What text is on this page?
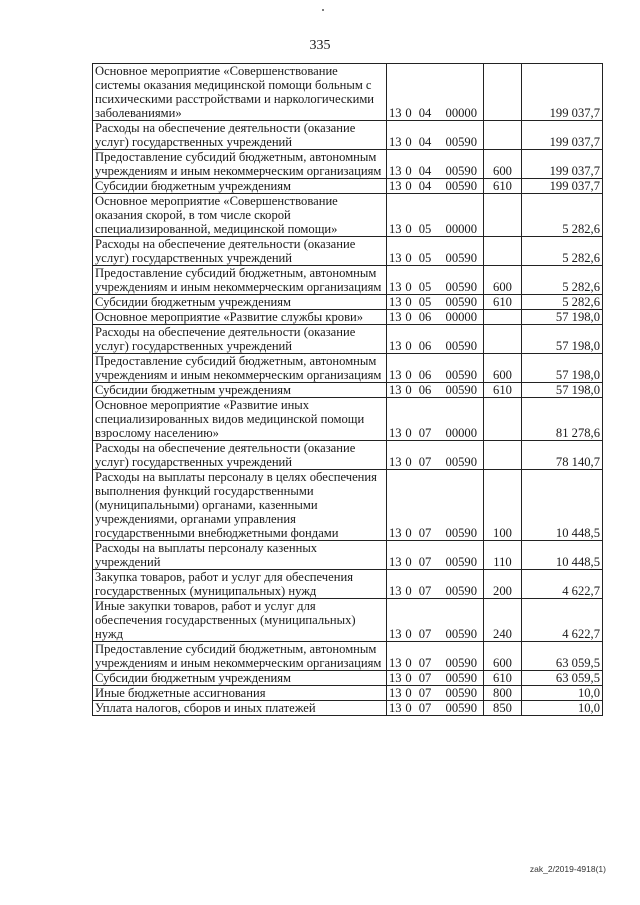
335
Основное мероприятие «Совершенствование системы оказания медицинской помощи больным с психическими расстройствами и наркологическими заболеваниями»	13 0 04 00000		199 037,7
Расходы на обеспечение деятельности (оказание услуг) государственных учреждений	13 0 04 00590		199 037,7
Предоставление субсидий бюджетным, автономным учреждениям и иным некоммерческим организациям	13 0 04 00590	600	199 037,7
Субсидии бюджетным учреждениям	13 0 04 00590	610	199 037,7
Основное мероприятие «Совершенствование оказания скорой, в том числе скорой специализированной, медицинской помощи»	13 0 05 00000		5 282,6
Расходы на обеспечение деятельности (оказание услуг) государственных учреждений	13 0 05 00590		5 282,6
Предоставление субсидий бюджетным, автономным учреждениям и иным некоммерческим организациям	13 0 05 00590	600	5 282,6
Субсидии бюджетным учреждениям	13 0 05 00590	610	5 282,6
Основное мероприятие «Развитие службы крови»	13 0 06 00000		57 198,0
Расходы на обеспечение деятельности (оказание услуг) государственных учреждений	13 0 06 00590		57 198,0
Предоставление субсидий бюджетным, автономным учреждениям и иным некоммерческим организациям	13 0 06 00590	600	57 198,0
Субсидии бюджетным учреждениям	13 0 06 00590	610	57 198,0
Основное мероприятие «Развитие иных специализированных видов медицинской помощи взрослому населению»	13 0 07 00000		81 278,6
Расходы на обеспечение деятельности (оказание услуг) государственных учреждений	13 0 07 00590		78 140,7
Расходы на выплаты персоналу в целях обеспечения выполнения функций государственными (муниципальными) органами, казенными учреждениями, органами управления государственными внебюджетными фондами	13 0 07 00590	100	10 448,5
Расходы на выплаты персоналу казенных учреждений	13 0 07 00590	110	10 448,5
Закупка товаров, работ и услуг для обеспечения государственных (муниципальных) нужд	13 0 07 00590	200	4 622,7
Иные закупки товаров, работ и услуг для обеспечения государственных (муниципальных) нужд	13 0 07 00590	240	4 622,7
Предоставление субсидий бюджетным, автономным учреждениям и иным некоммерческим организациям	13 0 07 00590	600	63 059,5
Субсидии бюджетным учреждениям	13 0 07 00590	610	63 059,5
Иные бюджетные ассигнования	13 0 07 00590	800	10,0
Уплата налогов, сборов и иных платежей	13 0 07 00590	850	10,0
zak_2/2019-4918(1)
